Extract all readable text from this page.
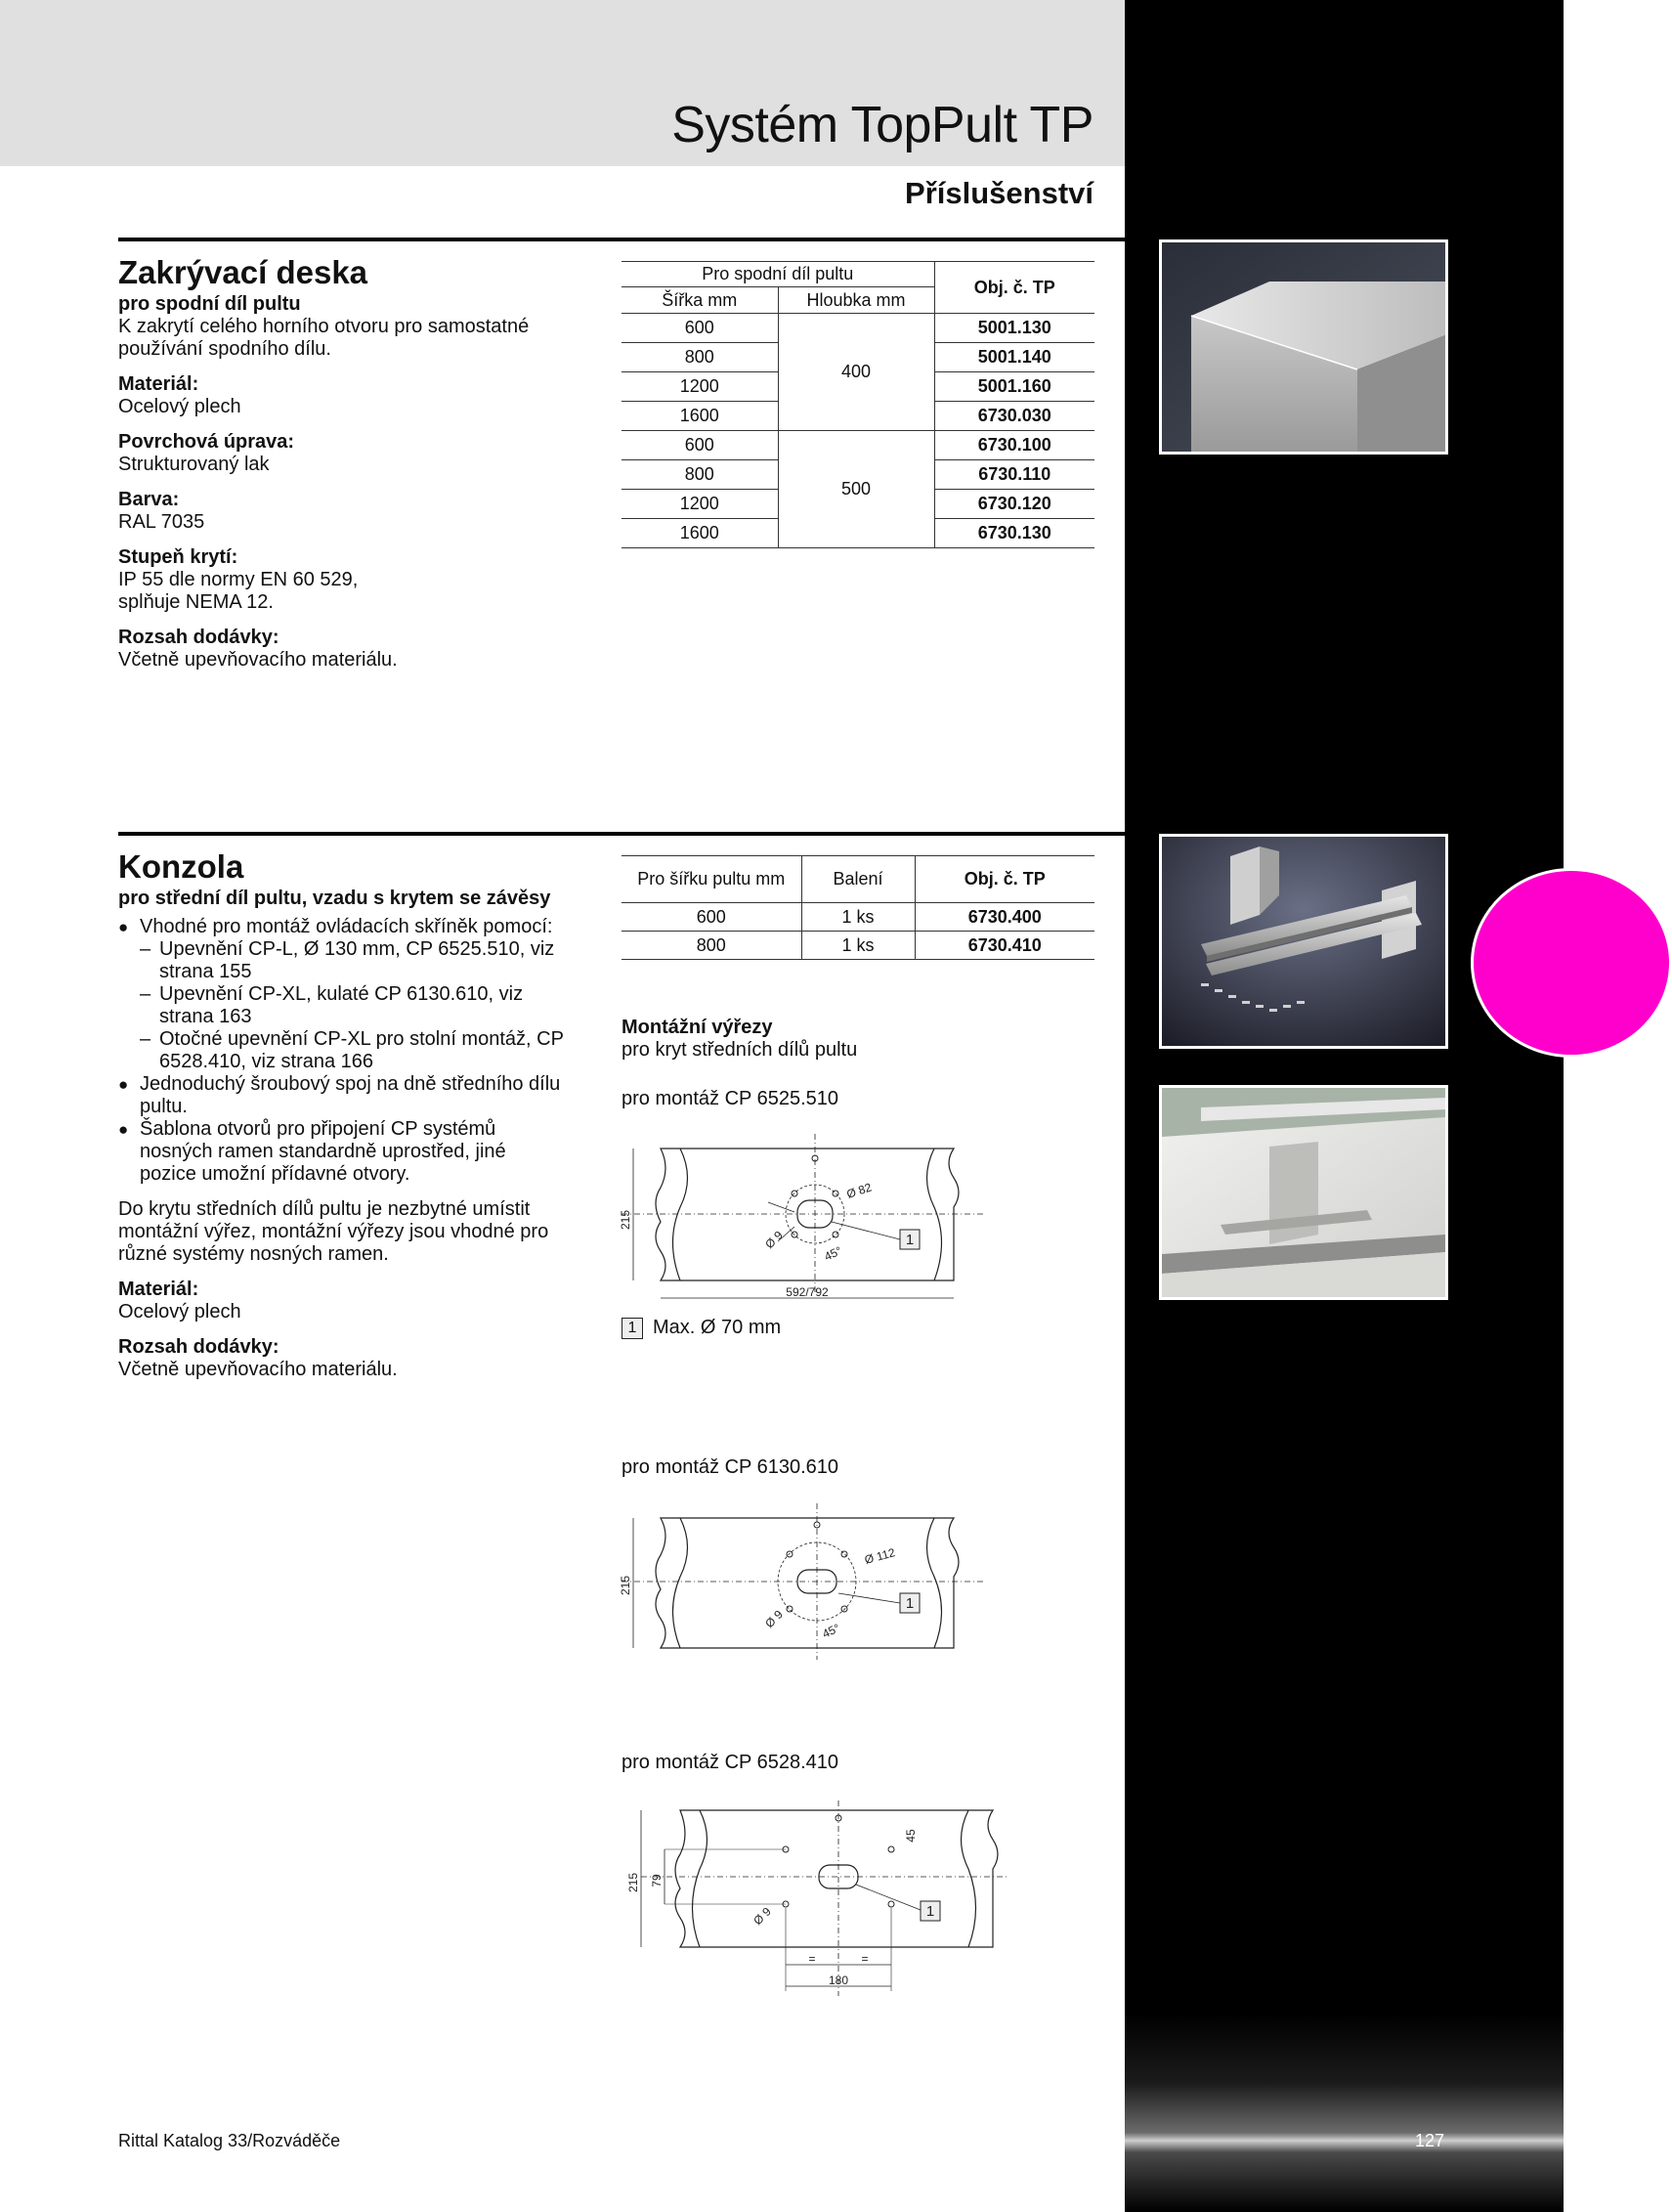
Systém TopPult TP
Příslušenství
Zakrývací deska
pro spodní díl pultu
K zakrytí celého horního otvoru pro samostatné používání spodního dílu.
Materiál:
Ocelový plech
Povrchová úprava:
Strukturovaný lak
Barva:
RAL 7035
Stupeň krytí:
IP 55 dle normy EN 60 529, splňuje NEMA 12.
Rozsah dodávky:
Včetně upevňovacího materiálu.
Pro spodní díl pultu		Obj. č. TP
Šířka mm	Hloubka mm	
600	400	5001.130
800		5001.140
1200		5001.160
1600		6730.030
600	500	6730.100
800		6730.110
1200		6730.120
1600		6730.130
Konzola
pro střední díl pultu, vzadu s krytem se závěsy
● Vhodné pro montáž ovládacích skříněk pomocí:
– Upevnění CP-L, Ø 130 mm, CP 6525.510, viz strana 155
– Upevnění CP-XL, kulaté CP 6130.610, viz strana 163
– Otočné upevnění CP-XL pro stolní montáž, CP 6528.410, viz strana 166
● Jednoduchý šroubový spoj na dně středního dílu pultu.
● Šablona otvorů pro připojení CP systémů nosných ramen standardně uprostřed, jiné pozice umožní přídavné otvory.
Do krytu středních dílů pultu je nezbytné umístit montážní výřez, montážní výřezy jsou vhodné pro různé systémy nosných ramen.
Materiál:
Ocelový plech
Rozsah dodávky:
Včetně upevňovacího materiálu.
Pro šířku pultu mm	Balení	Obj. č. TP
600	1 ks	6730.400
800	1 ks	6730.410
Montážní výřezy
pro kryt středních dílů pultu
pro montáž CP 6525.510
215
Ø 82
Ø 9
45°
592/792
1
1 Max. Ø 70 mm
pro montáž CP 6130.610
215
Ø 112
Ø 9
45°
1
pro montáž CP 6528.410
215 79
45
Ø 9
=	=
180
1
Rittal Katalog 33/Rozváděče	127
